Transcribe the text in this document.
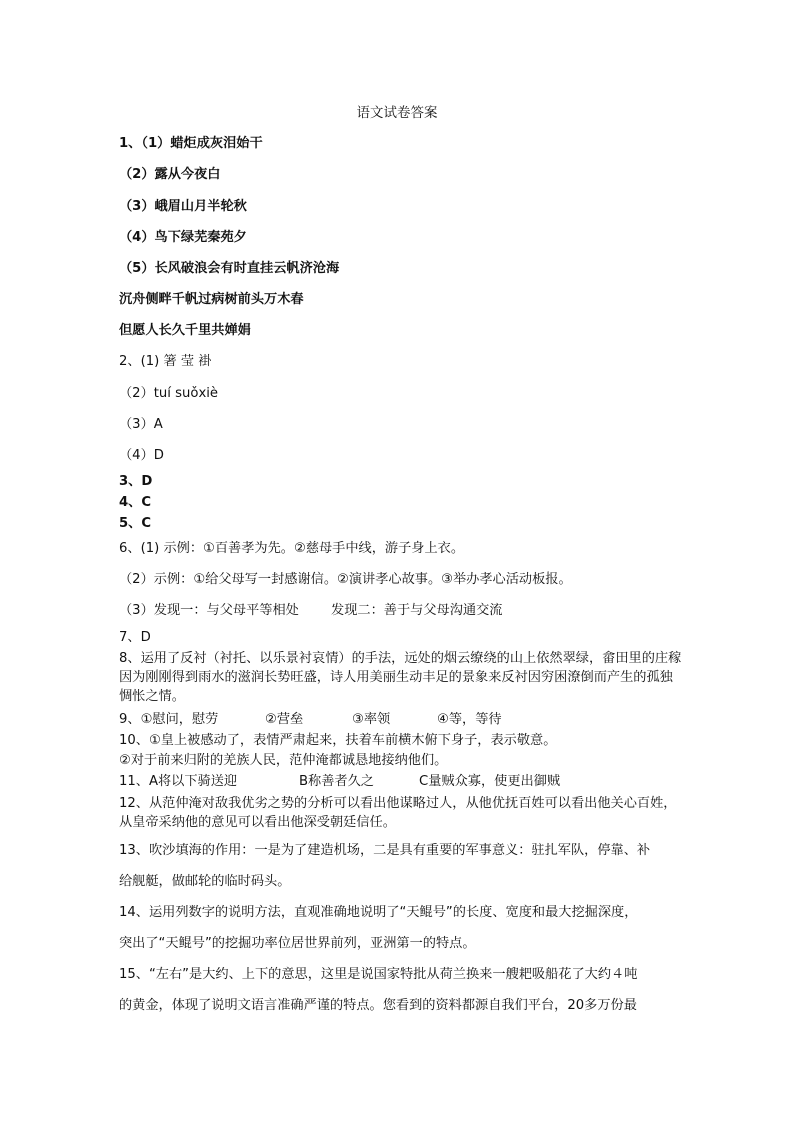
语文试卷答案
1、（1）蜡炬成灰泪始干
（2）露从今夜白
（3）峨眉山月半轮秋
（4）鸟下绿芜秦苑夕
（5）长风破浪会有时直挂云帆济沧海
沉舟侧畔千帆过病树前头万木春
但愿人长久千里共婵娟
2、(1) 箸 莹 褂
（2）tuí suǒxiè
（3）A
（4）D
3、D
4、C
5、C
6、(1) 示例：①百善孝为先。②慈母手中线，游子身上衣。
（2）示例：①给父母写一封感谢信。②演讲孝心故事。③举办孝心活动板报。
（3）发现一：与父母平等相处 发现二：善于与父母沟通交流
7、D
8、运用了反衬（衬托、以乐景衬哀情）的手法，远处的烟云缭绕的山上依然翠绿，畲田里的庄稼因为刚刚得到雨水的滋润长势旺盛，诗人用美丽生动丰足的景象来反衬因穷困潦倒而产生的孤独惆怅之情。
9、①慰问，慰劳	②营垒	③率领	④等，等待
10、①皇上被感动了，表情严肃起来，扶着车前横木俯下身子，表示敬意。
②对于前来归附的羌族人民，范仲淹都诚恳地接纳他们。
11、A将以下骑送迎	B称善者久之	C量贼众寡，使更出御贼
12、从范仲淹对敌我优劣之势的分析可以看出他谋略过人，从他优抚百姓可以看出他关心百姓，从皇帝采纳他的意见可以看出他深受朝廷信任。
13、吹沙填海的作用：一是为了建造机场，二是具有重要的军事意义：驻扎军队，停靠、补
给舰艇，做邮轮的临时码头。
14、运用列数字的说明方法，直观准确地说明了“天鲲号”的长度、宽度和最大挖掘深度，
突出了“天鲲号”的挖掘功率位居世界前列，亚洲第一的特点。
15、“左右”是大约、上下的意思，这里是说国家特批从荷兰换来一艘耙吸船花了大约４吨
的黄金，体现了说明文语言准确严谨的特点。您看到的资料都源自我们平台，20多万份最
